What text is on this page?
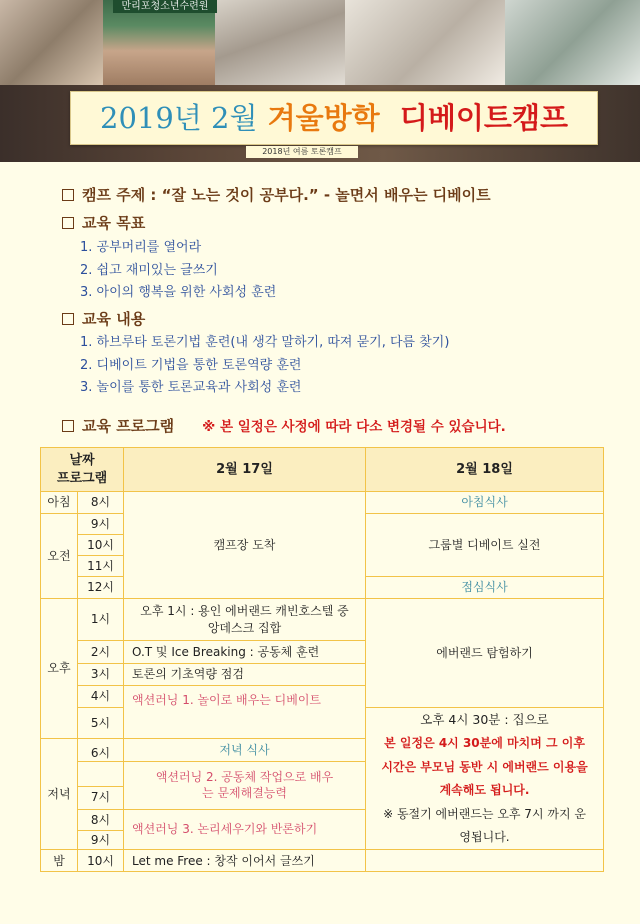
만리포청소년수련원
2019년 2월 겨울방학 디베이트캠프
2018년 여름 토론캠프
캠프 주제 : “잘 노는 것이 공부다.” - 놀면서 배우는 디베이트
교육 목표
1. 공부머리를 열어라
2. 쉽고 재미있는 글쓰기
3. 아이의 행복을 위한 사회성 훈련
교육 내용
1. 하브루타 토론기법 훈련(내 생각 말하기, 따져 묻기, 다름 찾기)
2. 디베이트 기법을 통한 토론역량 훈련
3. 놀이를 통한 토론교육과 사회성 훈련
교육 프로그램 ※ 본 일정은 사정에 따라 다소 변경될 수 있습니다.
날짜
프로그램		2월 17일	2월 18일
아침	8시	캠프장 도착	아침식사
오전	9시		그룹별 디베이트 실전
	10시		
	11시		
	12시		점심식사
오후	1시	오후 1시 : 용인 에버랜드 캐빈호스텔 중앙데스크 집합	에버랜드 탐험하기
	2시	O.T 및 Ice Breaking : 공동체 훈련	
	3시	토론의 기초역량 점검	
	4시	액션러닝 1. 놀이로 배우는 디베이트	
	5시		오후 4시 30분 : 집으로
본 일정은 4시 30분에 마치며 그 이후 시간은 부모님 동반 시 에버랜드 이용을 계속해도 됩니다.
※ 동절기 에버랜드는 오후 7시 까지 운영됩니다.

저녁	6시	저녁 식사	
		액션러닝 2. 공동체 작업으로 배우는 문제해결능력	
	7시		
	8시	액션러닝 3. 논리세우기와 반론하기	
	9시		
밤	10시	Let me Free : 창작 이어서 글쓰기	
